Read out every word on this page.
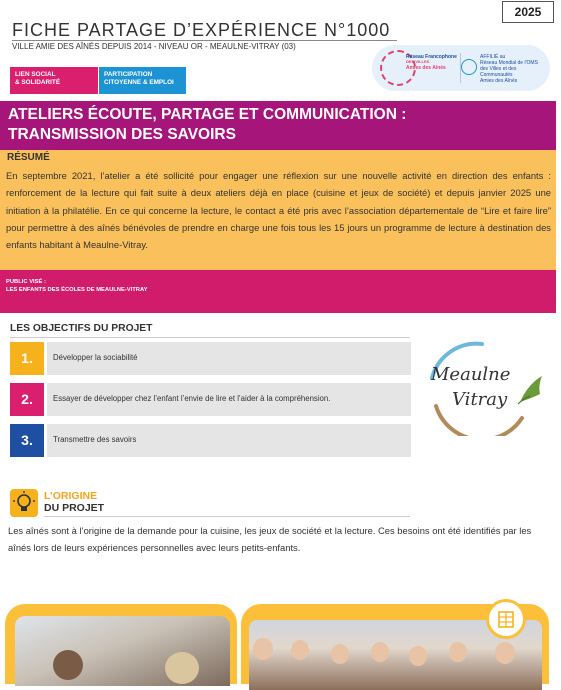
FICHE PARTAGE D’EXPÉRIENCE N°1000
2025
VILLE AMIE DES AÎNÉS DEPUIS 2014 - NIVEAU OR - MEAULNE-VITRAY (03)
LIEN SOCIAL
& SOLIDARITÉ
PARTICIPATION
CITOYENNE & EMPLOI
Réseau Francophone
DES VILLES
Amies des Aînés
AFFILIÉ au
Réseau Mondial de l'OMS
des Villes et des Communautés
Amies des Aînés
ATELIERS ÉCOUTE, PARTAGE ET COMMUNICATION :
TRANSMISSION DES SAVOIRS
RÉSUMÉ
En septembre 2021, l’atelier a été sollicité pour engager une réflexion sur une nouvelle activité en direction des enfants : renforcement de la lecture qui fait suite à deux ateliers déjà en place (cuisine et jeux de société) et depuis janvier 2025 une initiation à la philatélie. En ce qui concerne la lecture, le contact a été pris avec l’association départementale de “Lire et faire lire” pour permettre à des aînés bénévoles de prendre en charge une fois tous les 15 jours un programme de lecture à destination des enfants habitant à Meaulne-Vitray.
PUBLIC VISÉ :
LES ENFANTS DES ÉCOLES DE MEAULNE-VITRAY
LES OBJECTIFS DU PROJET
1.	Développer la sociabilité
2.	Essayer de développer chez l’enfant l’envie de lire et l’aider à la compréhension.
3.	Transmettre des savoirs
Meaulne
Vitray
L’ORIGINE
DU PROJET
Les aînés sont à l’origine de la demande pour la cuisine, les jeux de société et la lecture. Ces besoins ont été identifiés par les aînés lors de leurs expériences personnelles avec leurs petits-enfants.
